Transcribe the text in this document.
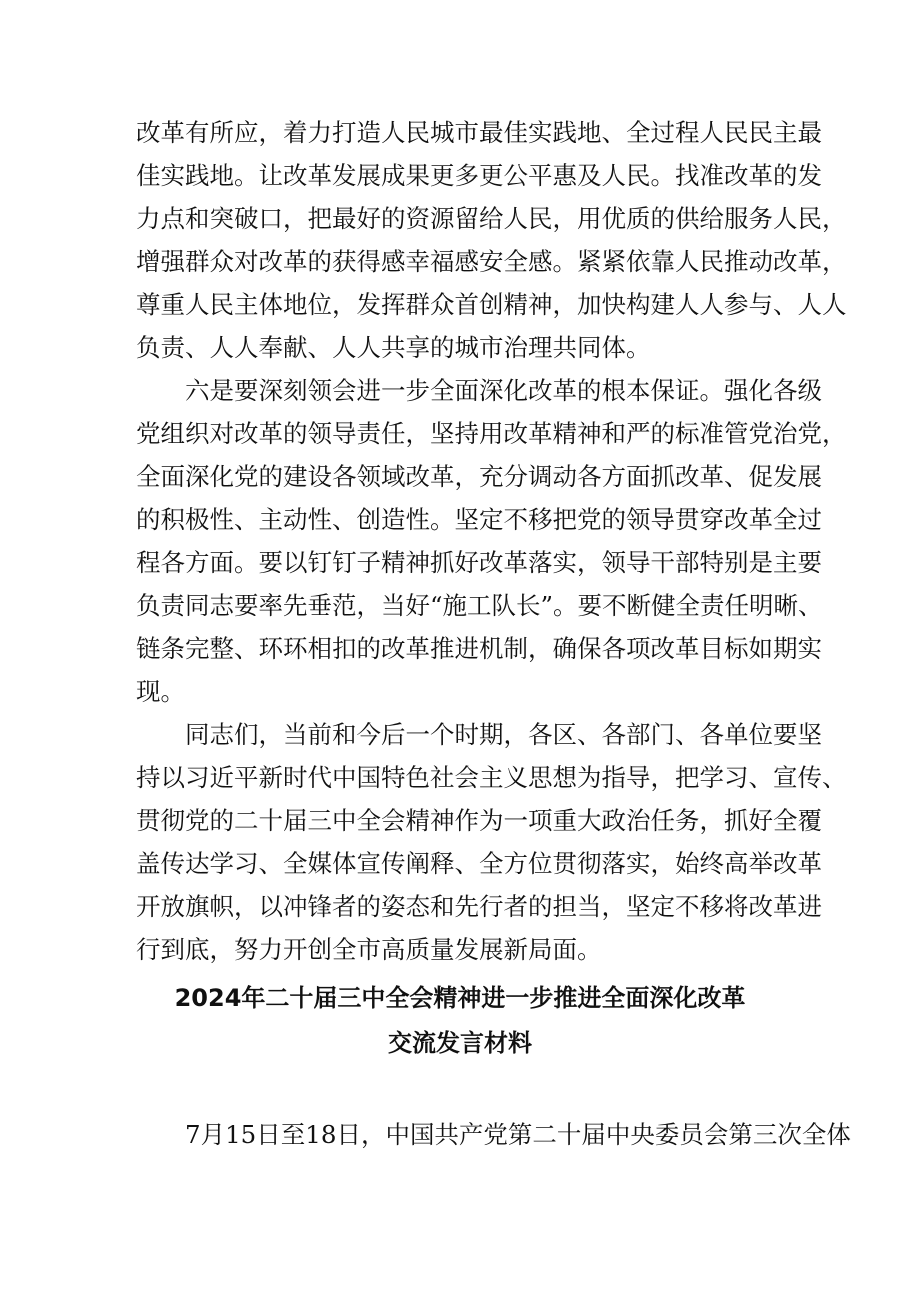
改革有所应，着力打造人民城市最佳实践地、全过程人民民主最
佳实践地。让改革发展成果更多更公平惠及人民。找准改革的发
力点和突破口，把最好的资源留给人民，用优质的供给服务人民，
增强群众对改革的获得感幸福感安全感。紧紧依靠人民推动改革，
尊重人民主体地位，发挥群众首创精神，加快构建人人参与、人人
负责、人人奉献、人人共享的城市治理共同体。
六是要深刻领会进一步全面深化改革的根本保证。强化各级
党组织对改革的领导责任，坚持用改革精神和严的标准管党治党，
全面深化党的建设各领域改革，充分调动各方面抓改革、促发展
的积极性、主动性、创造性。坚定不移把党的领导贯穿改革全过
程各方面。要以钉钉子精神抓好改革落实，领导干部特别是主要
负责同志要率先垂范，当好“施工队长”。要不断健全责任明晰、
链条完整、环环相扣的改革推进机制，确保各项改革目标如期实
现。
同志们，当前和今后一个时期，各区、各部门、各单位要坚
持以习近平新时代中国特色社会主义思想为指导，把学习、宣传、
贯彻党的二十届三中全会精神作为一项重大政治任务，抓好全覆
盖传达学习、全媒体宣传阐释、全方位贯彻落实，始终高举改革
开放旗帜，以冲锋者的姿态和先行者的担当，坚定不移将改革进
行到底，努力开创全市高质量发展新局面。
2024年二十届三中全会精神进一步推进全面深化改革
交流发言材料
7月15日至18日，中国共产党第二十届中央委员会第三次全体
